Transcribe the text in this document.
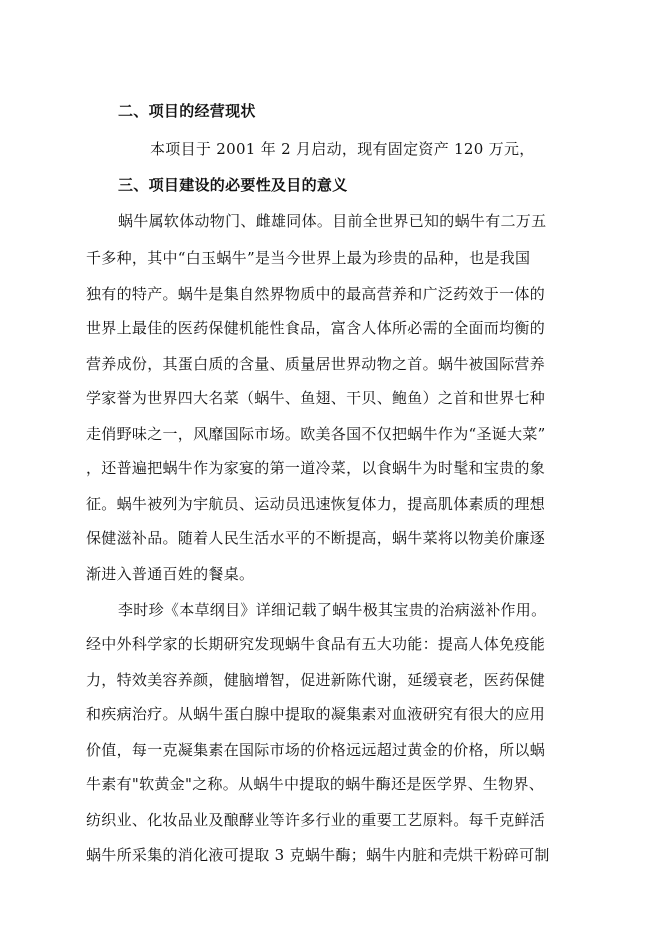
二、项目的经营现状
本项目于 2001 年 2 月启动，现有固定资产 120 万元，
三、项目建设的必要性及目的意义
蜗牛属软体动物门、雌雄同体。目前全世界已知的蜗牛有二万五
千多种，其中“白玉蜗牛”是当今世界上最为珍贵的品种，也是我国
独有的特产。蜗牛是集自然界物质中的最高营养和广泛药效于一体的
世界上最佳的医药保健机能性食品，富含人体所必需的全面而均衡的
营养成份，其蛋白质的含量、质量居世界动物之首。蜗牛被国际营养
学家誉为世界四大名菜（蜗牛、鱼翅、干贝、鲍鱼）之首和世界七种
走俏野味之一，风靡国际市场。欧美各国不仅把蜗牛作为“圣诞大菜”
，还普遍把蜗牛作为家宴的第一道冷菜，以食蜗牛为时髦和宝贵的象
征。蜗牛被列为宇航员、运动员迅速恢复体力，提高肌体素质的理想
保健滋补品。随着人民生活水平的不断提高，蜗牛菜将以物美价廉逐
渐进入普通百姓的餐桌。
李时珍《本草纲目》详细记载了蜗牛极其宝贵的治病滋补作用。
经中外科学家的长期研究发现蜗牛食品有五大功能：提高人体免疫能
力，特效美容养颜，健脑增智，促进新陈代谢，延缓衰老，医药保健
和疾病治疗。从蜗牛蛋白腺中提取的凝集素对血液研究有很大的应用
价值，每一克凝集素在国际市场的价格远远超过黄金的价格，所以蜗
牛素有"软黄金"之称。从蜗牛中提取的蜗牛酶还是医学界、生物界、
纺织业、化妆品业及酿酵业等许多行业的重要工艺原料。每千克鲜活
蜗牛所采集的消化液可提取 3 克蜗牛酶；蜗牛内脏和壳烘干粉碎可制
